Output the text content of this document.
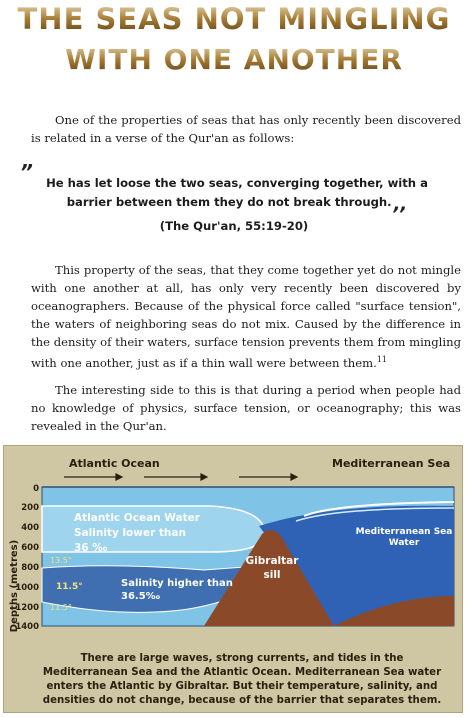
THE SEAS NOT MINGLING
WITH ONE ANOTHER

One of the properties of seas that has only recently been discovered is related in a verse of the Qur'an as follows:

”	He has let loose the two seas, converging together, with a barrier between them they do not break through. ,,

(The Qur'an, 55:19-20)

This property of the seas, that they come together yet do not mingle with one another at all, has only very recently been discovered by oceanographers. Because of the physical force called "surface tension", the waters of neighboring seas do not mix. Caused by the difference in the density of their waters, surface tension prevents them from mingling with one another, just as if a thin wall were between them.$^{11}$

The interesting side to this is that during a period when people had no knowledge of physics, surface tension, or oceanography; this was revealed in the Qur'an.

Depths (metres)
0
200
400
600
800
1000
1200
1400
Atlantic Ocean	Mediterranean Sea
Atlantic Ocean Water
Salinity lower than
36 ‰
Salinity higher than
36.5‰
13.5°
11.5°
11.5°
Gibraltar
sill
Mediterranean Sea
Water

There are large waves, strong currents, and tides in the Mediterranean Sea and the Atlantic Ocean. Mediterranean Sea water enters the Atlantic by Gibraltar. But their temperature, salinity, and densities do not change, because of the barrier that separates them.
